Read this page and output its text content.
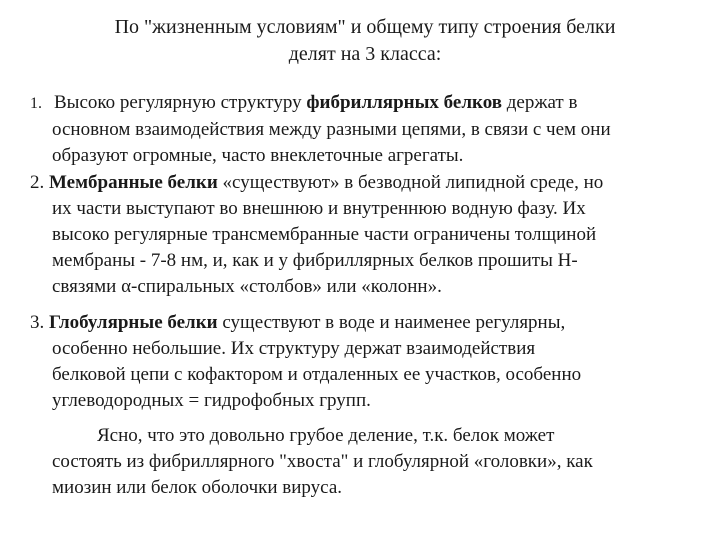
По "жизненным условиям" и общему типу строения белки
делят на 3 класса:
1. Высоко регулярную структуру фибриллярных белков держат в
основном взаимодействия между разными цепями, в связи с чем они
образуют огромные, часто внеклеточные агрегаты.
2. Мембранные белки «существуют» в безводной липидной среде, но
их части выступают во внешнюю и внутреннюю водную фазу. Их
высоко регулярные трансмембранные части ограничены толщиной
мембраны - 7-8 нм, и, как и у фибриллярных белков прошиты Н-
связями α-спиральных «столбов» или «колонн».
3. Глобулярные белки существуют в воде и наименее регулярны,
особенно небольшие. Их структуру держат взаимодействия
белковой цепи с кофактором и отдаленных ее участков, особенно
углеводородных = гидрофобных групп.
Ясно, что это довольно грубое деление, т.к. белок может
состоять из фибриллярного "хвоста" и глобулярной «головки», как
миозин или белок оболочки вируса.
